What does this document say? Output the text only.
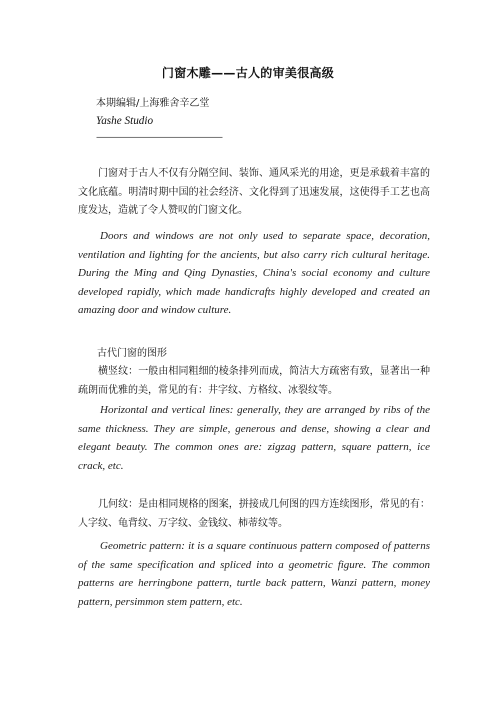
门窗木雕——古人的审美很高级
本期编辑/上海雅舍辛乙堂
Yashe Studio
——————————————

门窗对于古人不仅有分隔空间、装饰、通风采光的用途，更是承载着丰富的文化底蕴。明清时期中国的社会经济、文化得到了迅速发展，这使得手工艺也高度发达，造就了令人赞叹的门窗文化。

Doors and windows are not only used to separate space, decoration, ventilation and lighting for the ancients, but also carry rich cultural heritage. During the Ming and Qing Dynasties, China's social economy and culture developed rapidly, which made handicrafts highly developed and created an amazing door and window culture.

古代门窗的图形

横竖纹：一般由相同粗细的棱条排列而成，简洁大方疏密有致，显著出一种疏朗而优雅的美，常见的有：井字纹、方格纹、冰裂纹等。

Horizontal and vertical lines: generally, they are arranged by ribs of the same thickness. They are simple, generous and dense, showing a clear and elegant beauty. The common ones are: zigzag pattern, square pattern, ice crack, etc.

几何纹：是由相同规格的图案，拼接成几何图的四方连续图形，常见的有：人字纹、龟背纹、万字纹、金钱纹、柿蒂纹等。

Geometric pattern: it is a square continuous pattern composed of patterns of the same specification and spliced into a geometric figure. The common patterns are herringbone pattern, turtle back pattern, Wanzi pattern, money pattern, persimmon stem pattern, etc.
